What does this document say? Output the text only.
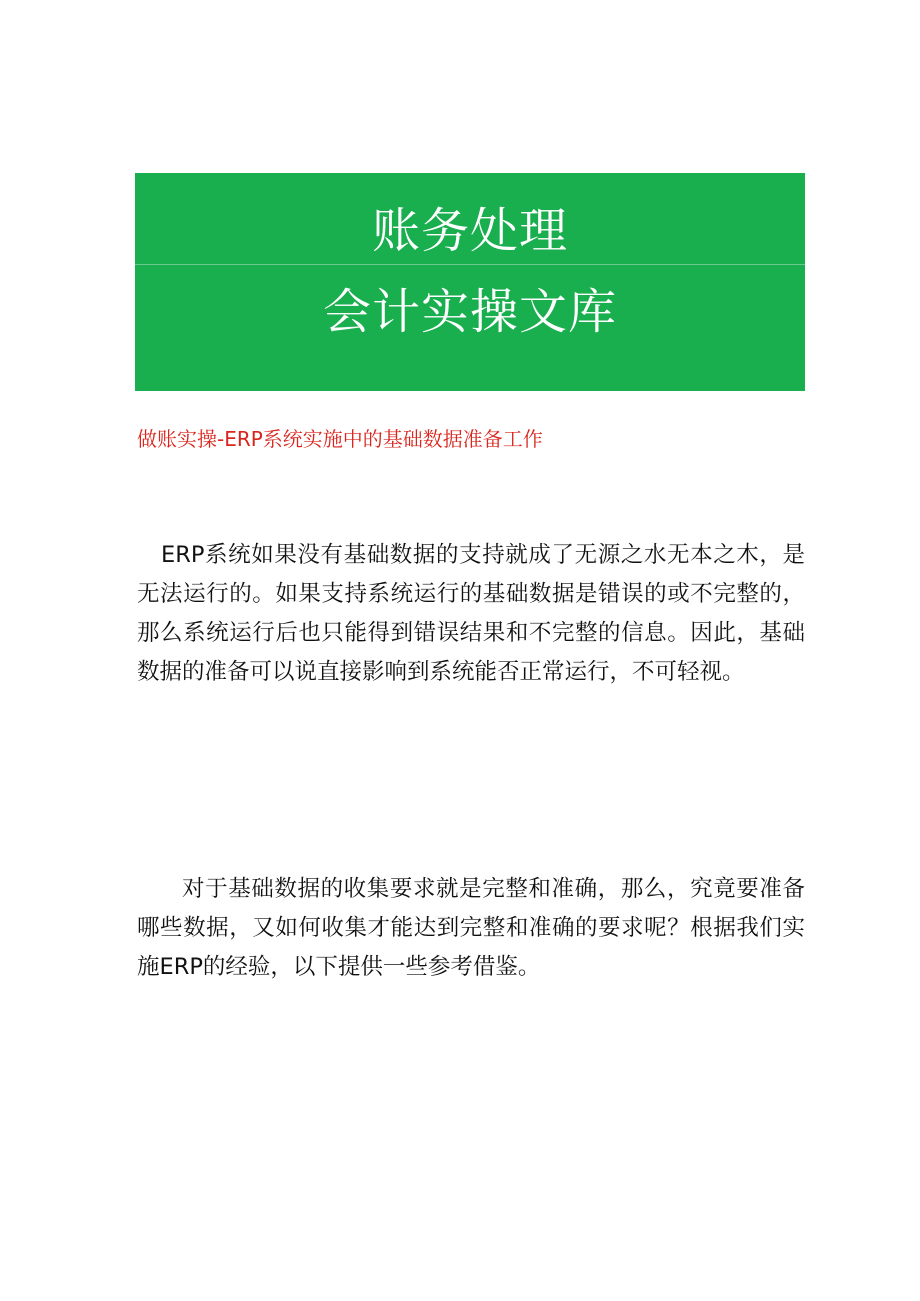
账务处理
会计实操文库
做账实操-ERP系统实施中的基础数据准备工作

ERP系统如果没有基础数据的支持就成了无源之水无本之木，是无法运行的。如果支持系统运行的基础数据是错误的或不完整的，那么系统运行后也只能得到错误结果和不完整的信息。因此，基础数据的准备可以说直接影响到系统能否正常运行，不可轻视。

对于基础数据的收集要求就是完整和准确，那么，究竟要准备哪些数据，又如何收集才能达到完整和准确的要求呢？根据我们实施ERP的经验，以下提供一些参考借鉴。
